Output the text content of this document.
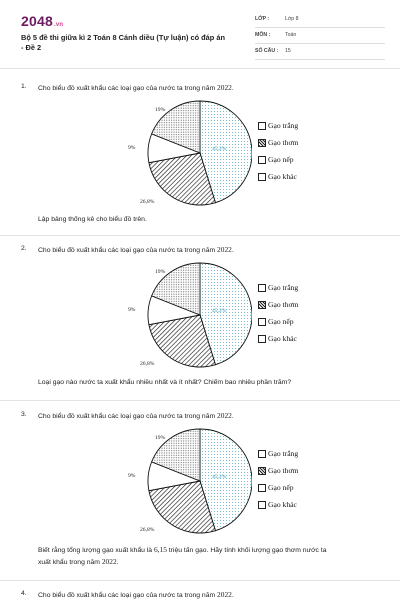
2048.vn
Bộ 5 đề thi giữa kì 2 Toán 8 Cánh diều (Tự luận) có đáp án - Đề 2
LỚP :	Lớp 8
MÔN :	Toán
SỐ CÂU : 15
1. Cho biểu đồ xuất khẩu các loại gạo của nước ta trong năm 2022.
45,2%
26,8%
9%
19%
Gạo trắng
Gạo thơm
Gạo nếp
Gạo khác
Lập bảng thống kê cho biểu đồ trên.
2. Cho biểu đồ xuất khẩu các loại gạo của nước ta trong năm 2022.
45,2%
26,8%
9%
19%
Gạo trắng
Gạo thơm
Gạo nếp
Gạo khác
Loại gạo nào nước ta xuất khẩu nhiều nhất và ít nhất? Chiếm bao nhiêu phần trăm?
3. Cho biểu đồ xuất khẩu các loại gạo của nước ta trong năm 2022.
45,2%
26,8%
9%
19%
Gạo trắng
Gạo thơm
Gạo nếp
Gạo khác
Biết rằng tổng lượng gạo xuất khẩu là 6,15 triệu tấn gạo. Hãy tính khối lượng gạo thơm nước ta
xuất khẩu trong năm 2022.
4. Cho biểu đồ xuất khẩu các loại gạo của nước ta trong năm 2022.
